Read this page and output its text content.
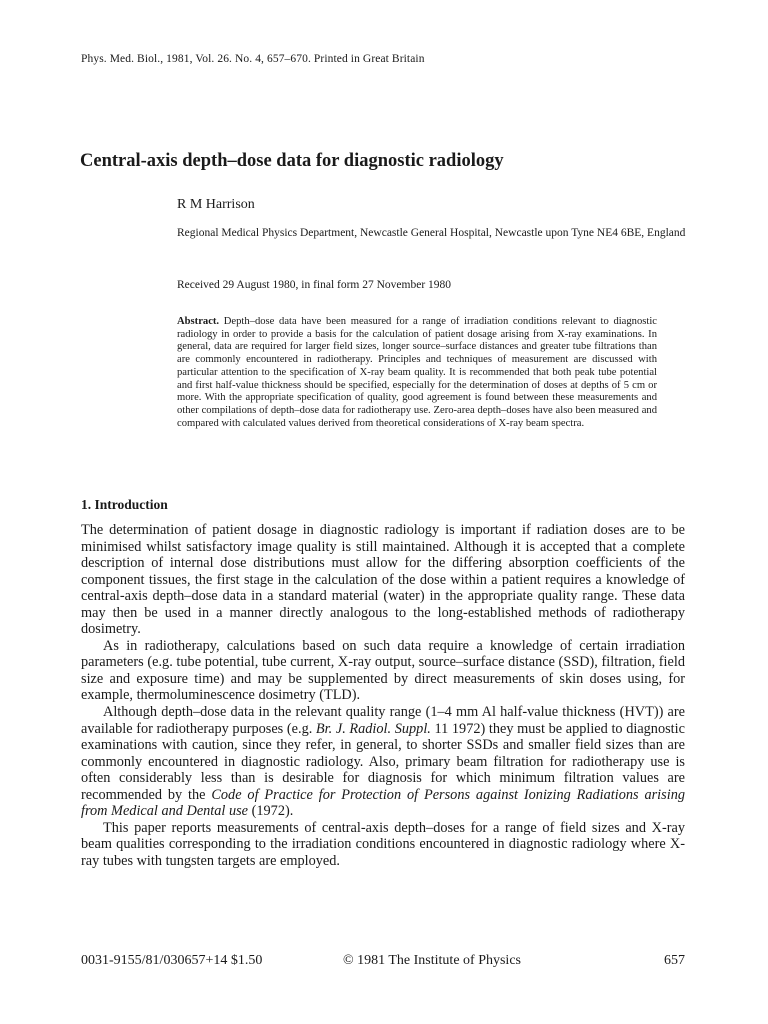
Phys. Med. Biol., 1981, Vol. 26. No. 4, 657–670. Printed in Great Britain
Central-axis depth–dose data for diagnostic radiology
R M Harrison
Regional Medical Physics Department, Newcastle General Hospital, Newcastle upon Tyne NE4 6BE, England
Received 29 August 1980, in final form 27 November 1980
Abstract. Depth–dose data have been measured for a range of irradiation conditions relevant to diagnostic radiology in order to provide a basis for the calculation of patient dosage arising from X-ray examinations. In general, data are required for larger field sizes, longer source–surface distances and greater tube filtrations than are commonly encountered in radiotherapy. Principles and techniques of measurement are discussed with particular attention to the specification of X-ray beam quality. It is recommended that both peak tube potential and first half-value thickness should be specified, especially for the determination of doses at depths of 5 cm or more. With the appropriate specification of quality, good agreement is found between these measurements and other compilations of depth–dose data for radiotherapy use. Zero-area depth–doses have also been measured and compared with calculated values derived from theoretical considerations of X-ray beam spectra.
1. Introduction

The determination of patient dosage in diagnostic radiology is important if radiation doses are to be minimised whilst satisfactory image quality is still maintained. Although it is accepted that a complete description of internal dose distributions must allow for the differing absorption coefficients of the component tissues, the first stage in the calculation of the dose within a patient requires a knowledge of central-axis depth–dose data in a standard material (water) in the appropriate quality range. These data may then be used in a manner directly analogous to the long-established methods of radiotherapy dosimetry.

As in radiotherapy, calculations based on such data require a knowledge of certain irradiation parameters (e.g. tube potential, tube current, X-ray output, source–surface distance (SSD), filtration, field size and exposure time) and may be supplemented by direct measurements of skin doses using, for example, thermoluminescence dosimetry (TLD).

Although depth–dose data in the relevant quality range (1–4 mm Al half-value thickness (HVT)) are available for radiotherapy purposes (e.g. Br. J. Radiol. Suppl. 11 1972) they must be applied to diagnostic examinations with caution, since they refer, in general, to shorter SSDs and smaller field sizes than are commonly encountered in diagnostic radiology. Also, primary beam filtration for radiotherapy use is often considerably less than is desirable for diagnosis for which minimum filtration values are recommended by the Code of Practice for Protection of Persons against Ionizing Radiations arising from Medical and Dental use (1972).

This paper reports measurements of central-axis depth–doses for a range of field sizes and X-ray beam qualities corresponding to the irradiation conditions encountered in diagnostic radiology where X-ray tubes with tungsten targets are employed.

0031-9155/81/030657+14 $1.50	© 1981 The Institute of Physics	657
